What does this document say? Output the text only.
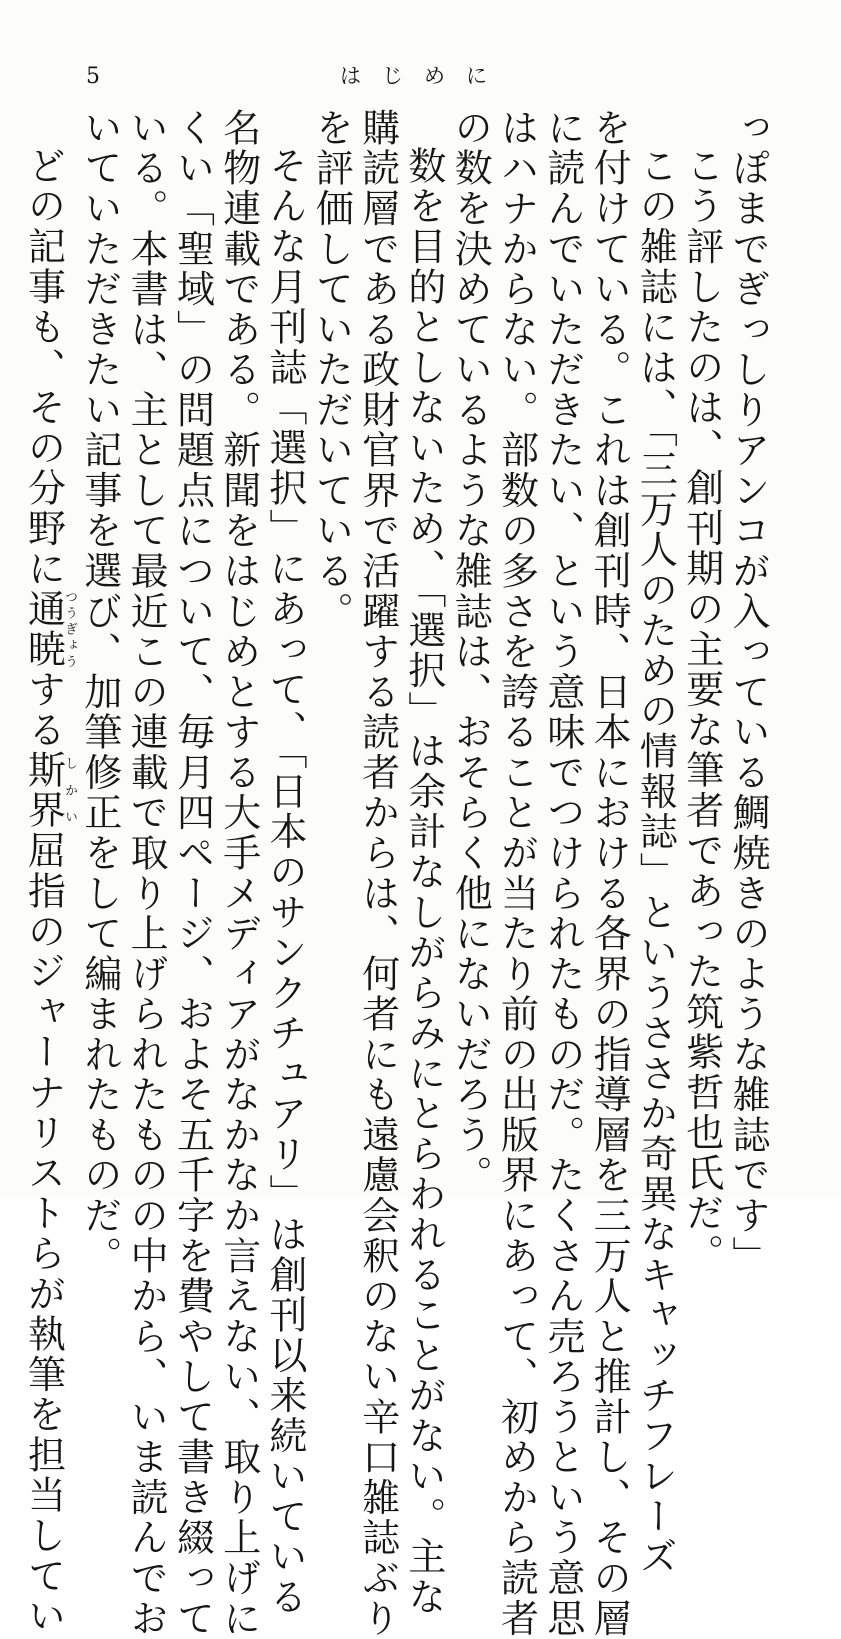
5	はじめに

っぽまでぎっしりアンコが入っている鯛焼きのような雑誌です」

こう評したのは、創刊期の主要な筆者であった筑紫哲也氏だ。

この雑誌には、「三万人のための情報誌」というささか奇異なキャッチフレーズ

を付けている。これは創刊時、日本における各界の指導層を三万人と推計し、その層

に読んでいただきたい、という意味でつけられたものだ。たくさん売ろうという意思

はハナからない。部数の多さを誇ることが当たり前の出版界にあって、初めから読者

の数を決めているような雑誌は、おそらく他にないだろう。

数を目的としないため、「選択」は余計なしがらみにとらわれることがない。主な

購読層である政財官界で活躍する読者からは、何者にも遠慮会釈のない辛口雑誌ぶり

を評価していただいている。

そんな月刊誌「選択」にあって、「日本のサンクチュアリ」は創刊以来続いている

名物連載である。新聞をはじめとする大手メディアがなかなか言えない、取り上げに

くい「聖域」の問題点について、毎月四ページ、およそ五千字を費やして書き綴って

いる。本書は、主として最近この連載で取り上げられたものの中から、いま読んでお

いていただきたい記事を選び、加筆修正をして編まれたものだ。

どの記事も、その分野に通暁つうぎょうする斯界しかい屈指のジャーナリストらが執筆を担当してい
